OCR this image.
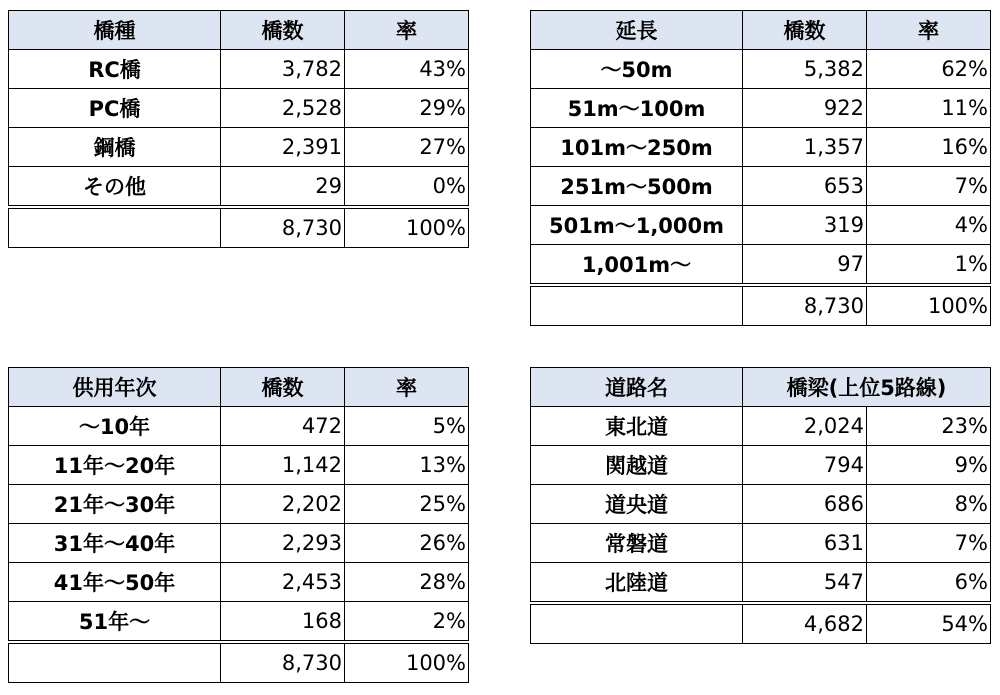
橋種	橋数	率
RC橋	3,782	43%
PC橋	2,528	29%
鋼橋	2,391	27%
その他	29	0%
	8,730	100%
延長	橋数	率
～50m	5,382	62%
51m～100m	922	11%
101m～250m	1,357	16%
251m～500m	653	7%
501m～1,000m	319	4%
1,001m～	97	1%
	8,730	100%
供用年次	橋数	率
～10年	472	5%
11年～20年	1,142	13%
21年～30年	2,202	25%
31年～40年	2,293	26%
41年～50年	2,453	28%
51年～	168	2%
	8,730	100%
道路名	橋梁(上位5路線)	
東北道	2,024	23%
関越道	794	9%
道央道	686	8%
常磐道	631	7%
北陸道	547	6%
	4,682	54%
